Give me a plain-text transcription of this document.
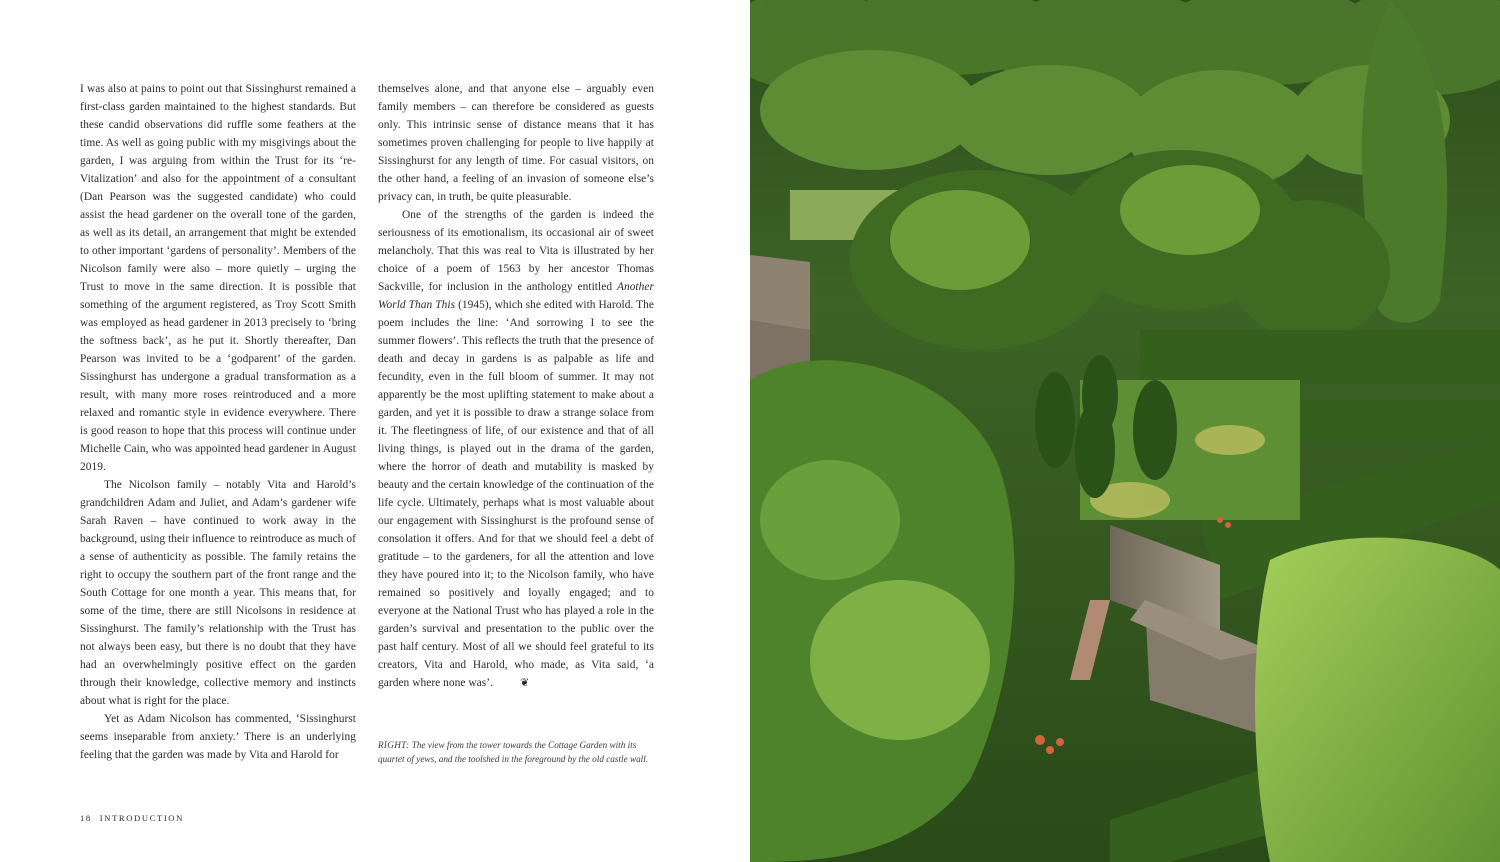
I was also at pains to point out that Sissinghurst remained a first-class garden maintained to the highest standards. But these candid observations did ruffle some feathers at the time. As well as going public with my misgivings about the garden, I was arguing from within the Trust for its ‘re-Vitalization’ and also for the appointment of a consultant (Dan Pearson was the suggested candidate) who could assist the head gardener on the overall tone of the garden, as well as its detail, an arrangement that might be extended to other important ‘gardens of personality’. Members of the Nicolson family were also – more quietly – urging the Trust to move in the same direction. It is possible that something of the argument registered, as Troy Scott Smith was employed as head gardener in 2013 precisely to ‘bring the softness back’, as he put it. Shortly thereafter, Dan Pearson was invited to be a ‘godparent’ of the garden. Sissinghurst has undergone a gradual transformation as a result, with many more roses reintroduced and a more relaxed and romantic style in evidence everywhere. There is good reason to hope that this process will continue under Michelle Cain, who was appointed head gardener in August 2019.

The Nicolson family – notably Vita and Harold’s grandchildren Adam and Juliet, and Adam’s gardener wife Sarah Raven – have continued to work away in the background, using their influence to reintroduce as much of a sense of authenticity as possible. The family retains the right to occupy the southern part of the front range and the South Cottage for one month a year. This means that, for some of the time, there are still Nicolsons in residence at Sissinghurst. The family’s relationship with the Trust has not always been easy, but there is no doubt that they have had an overwhelmingly positive effect on the garden through their knowledge, collective memory and instincts about what is right for the place.

Yet as Adam Nicolson has commented, ‘Sissinghurst seems inseparable from anxiety.’ There is an underlying feeling that the garden was made by Vita and Harold for

themselves alone, and that anyone else – arguably even family members – can therefore be considered as guests only. This intrinsic sense of distance means that it has sometimes proven challenging for people to live happily at Sissinghurst for any length of time. For casual visitors, on the other hand, a feeling of an invasion of someone else’s privacy can, in truth, be quite pleasurable.

One of the strengths of the garden is indeed the seriousness of its emotionalism, its occasional air of sweet melancholy. That this was real to Vita is illustrated by her choice of a poem of 1563 by her ancestor Thomas Sackville, for inclusion in the anthology entitled Another World Than This (1945), which she edited with Harold. The poem includes the line: ‘And sorrowing I to see the summer flowers’. This reflects the truth that the presence of death and decay in gardens is as palpable as life and fecundity, even in the full bloom of summer. It may not apparently be the most uplifting statement to make about a garden, and yet it is possible to draw a strange solace from it. The fleetingness of life, of our existence and that of all living things, is played out in the drama of the garden, where the horror of death and mutability is masked by beauty and the certain knowledge of the continuation of the life cycle. Ultimately, perhaps what is most valuable about our engagement with Sissinghurst is the profound sense of consolation it offers. And for that we should feel a debt of gratitude – to the gardeners, for all the attention and love they have poured into it; to the Nicolson family, who have remained so positively and loyally engaged; and to everyone at the National Trust who has played a role in the garden’s survival and presentation to the public over the past half century. Most of all we should feel grateful to its creators, Vita and Harold, who made, as Vita said, ‘a garden where none was’. ❦

RIGHT: The view from the tower towards the Cottage Garden with its quartet of yews, and the toolshed in the foreground by the old castle wall.
18 INTRODUCTION
